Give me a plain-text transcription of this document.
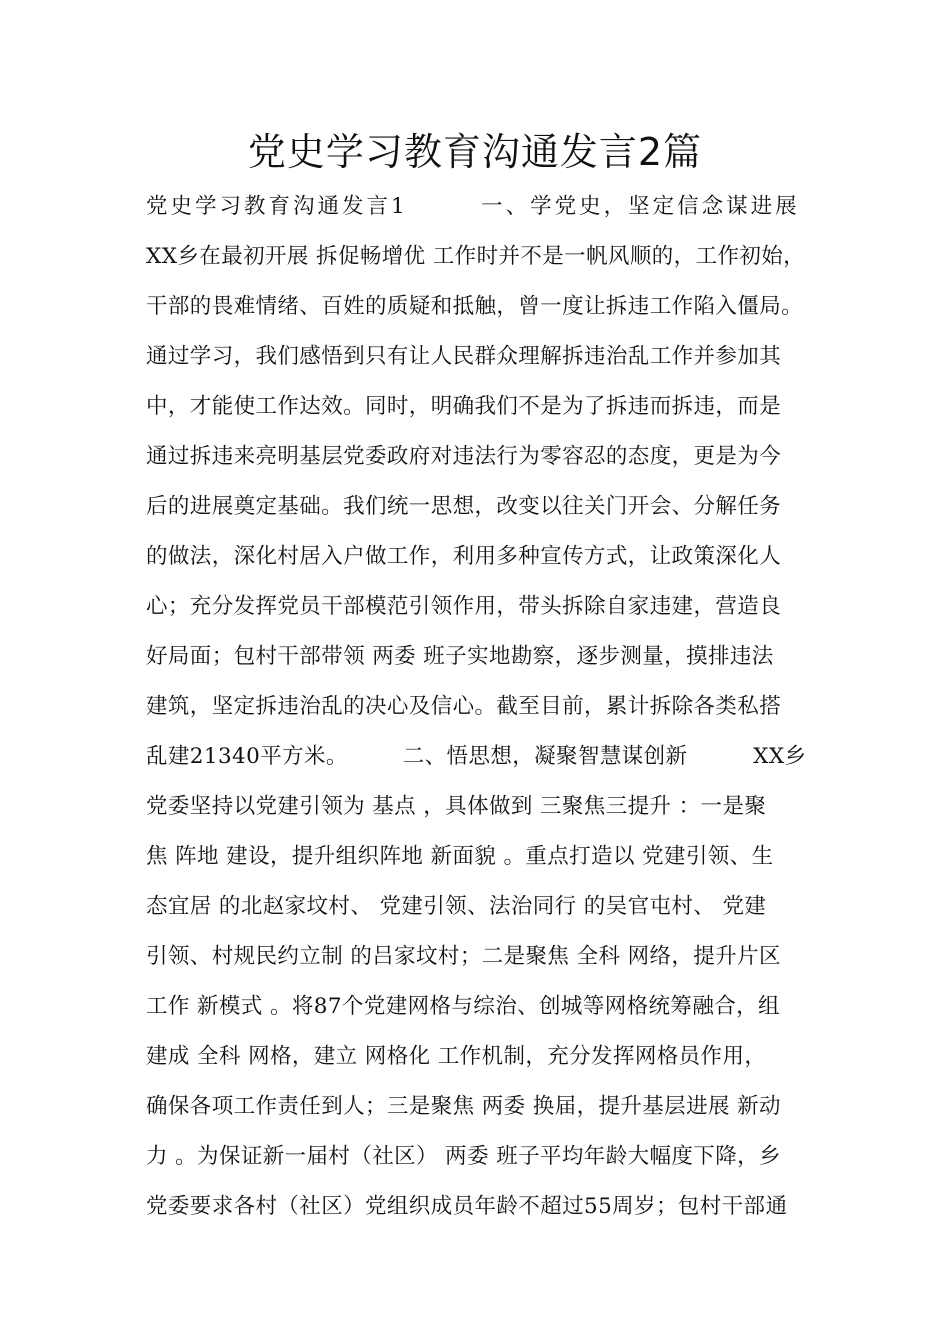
党史学习教育沟通发言2篇
党史学习教育沟通发言1　　　一、学党史，坚定信念谋进展
XX乡在最初开展 拆促畅增优 工作时并不是一帆风顺的，工作初始，
干部的畏难情绪、百姓的质疑和抵触，曾一度让拆违工作陷入僵局。
通过学习，我们感悟到只有让人民群众理解拆违治乱工作并参加其
中，才能使工作达效。同时，明确我们不是为了拆违而拆违，而是
通过拆违来亮明基层党委政府对违法行为零容忍的态度，更是为今
后的进展奠定基础。我们统一思想，改变以往关门开会、分解任务
的做法，深化村居入户做工作，利用多种宣传方式，让政策深化人
心；充分发挥党员干部模范引领作用，带头拆除自家违建，营造良
好局面；包村干部带领 两委 班子实地勘察，逐步测量，摸排违法
建筑，坚定拆违治乱的决心及信心。截至目前，累计拆除各类私搭
乱建21340平方米。　　　二、悟思想，凝聚智慧谋创新　　　XX乡
党委坚持以党建引领为 基点 ，具体做到 三聚焦三提升 ：一是聚
焦 阵地 建设，提升组织阵地 新面貌 。重点打造以 党建引领、生
态宜居 的北赵家坟村、 党建引领、法治同行 的吴官屯村、 党建
引领、村规民约立制 的吕家坟村；二是聚焦 全科 网络，提升片区
工作 新模式 。将87个党建网格与综治、创城等网格统筹融合，组
建成 全科 网格，建立 网格化 工作机制，充分发挥网格员作用，
确保各项工作责任到人；三是聚焦 两委 换届，提升基层进展 新动
力 。为保证新一届村（社区） 两委 班子平均年龄大幅度下降，乡
党委要求各村（社区）党组织成员年龄不超过55周岁；包村干部通
